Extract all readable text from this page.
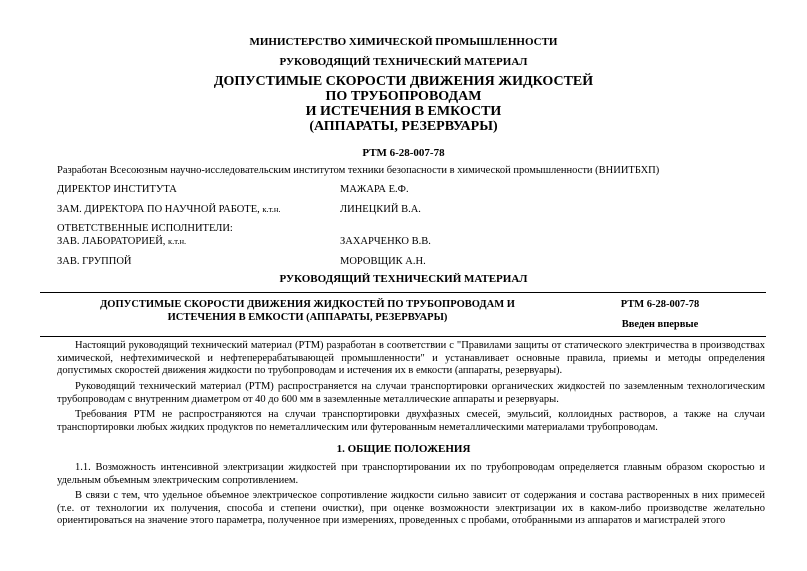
МИНИСТЕРСТВО ХИМИЧЕСКОЙ ПРОМЫШЛЕННОСТИ
РУКОВОДЯЩИЙ ТЕХНИЧЕСКИЙ МАТЕРИАЛ
ДОПУСТИМЫЕ СКОРОСТИ ДВИЖЕНИЯ ЖИДКОСТЕЙ
ПО ТРУБОПРОВОДАМ
И ИСТЕЧЕНИЯ В ЕМКОСТИ
(АППАРАТЫ, РЕЗЕРВУАРЫ)
РТМ 6-28-007-78
Разработан Всесоюзным научно-исследовательским институтом техники безопасности в химической промышленности (ВНИИТБХП)
ДИРЕКТОР ИНСТИТУТА	МАЖАРА Е.Ф.
ЗАМ. ДИРЕКТОРА ПО НАУЧНОЙ РАБОТЕ, к.т.н.	ЛИНЕЦКИЙ В.А.
ОТВЕТСТВЕННЫЕ ИСПОЛНИТЕЛИ:
ЗАВ. ЛАБОРАТОРИЕЙ, к.т.н.	ЗАХАРЧЕНКО В.В.
ЗАВ. ГРУППОЙ	МОРОВЩИК А.Н.
РУКОВОДЯЩИЙ ТЕХНИЧЕСКИЙ МАТЕРИАЛ
ДОПУСТИМЫЕ СКОРОСТИ ДВИЖЕНИЯ ЖИДКОСТЕЙ ПО ТРУБОПРОВОДАМ И
ИСТЕЧЕНИЯ В ЕМКОСТИ (АППАРАТЫ, РЕЗЕРВУАРЫ)
РТМ 6-28-007-78
Введен впервые

Настоящий руководящий технический материал (РТМ) разработан в соответствии с "Правилами защиты от статического электричества в производствах химической, нефтехимической и нефтеперерабатывающей промышленности" и устанавливает основные правила, приемы и методы определения допустимых скоростей движения жидкости по трубопроводам и истечения их в емкости (аппараты, резервуары).

Руководящий технический материал (РТМ) распространяется на случаи транспортировки органических жидкостей по заземленным технологическим трубопроводам с внутренним диаметром от 40 до 600 мм в заземленные металлические аппараты и резервуары.

Требования РТМ не распространяются на случаи транспортировки двухфазных смесей, эмульсий, коллоидных растворов, а также на случаи транспортировки любых жидких продуктов по неметаллическим или футерованным неметаллическими материалами трубопроводам.

1. ОБЩИЕ ПОЛОЖЕНИЯ

1.1. Возможность интенсивной электризации жидкостей при транспортировании их по трубопроводам определяется главным образом скоростью и удельным объемным электрическим сопротивлением.

В связи с тем, что удельное объемное электрическое сопротивление жидкости сильно зависит от содержания и состава растворенных в них примесей (т.е. от технологии их получения, способа и степени очистки), при оценке возможности электризации их в каком-либо производстве желательно ориентироваться на значение этого параметра, полученное при измерениях, проведенных с пробами, отобранными из аппаратов и магистралей этого
